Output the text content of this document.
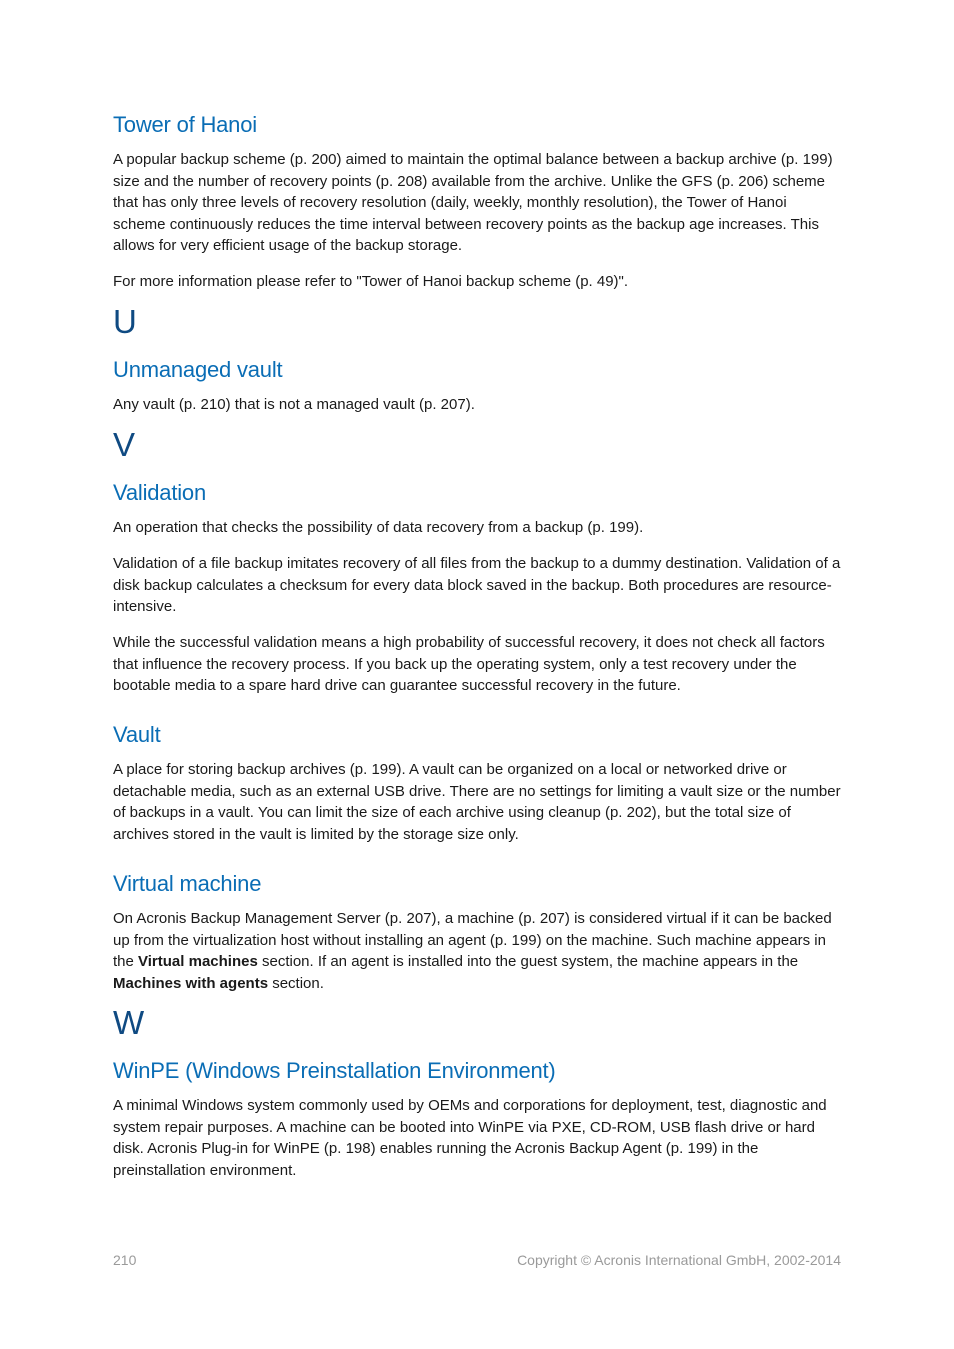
Tower of Hanoi

A popular backup scheme (p. 200) aimed to maintain the optimal balance between a backup archive (p. 199) size and the number of recovery points (p. 208) available from the archive. Unlike the GFS (p. 206) scheme that has only three levels of recovery resolution (daily, weekly, monthly resolution), the Tower of Hanoi scheme continuously reduces the time interval between recovery points as the backup age increases. This allows for very efficient usage of the backup storage.

For more information please refer to "Tower of Hanoi backup scheme (p. 49)".

U
Unmanaged vault

Any vault (p. 210) that is not a managed vault (p. 207).

V
Validation

An operation that checks the possibility of data recovery from a backup (p. 199).

Validation of a file backup imitates recovery of all files from the backup to a dummy destination. Validation of a disk backup calculates a checksum for every data block saved in the backup. Both procedures are resource-intensive.

While the successful validation means a high probability of successful recovery, it does not check all factors that influence the recovery process. If you back up the operating system, only a test recovery under the bootable media to a spare hard drive can guarantee successful recovery in the future.

Vault

A place for storing backup archives (p. 199). A vault can be organized on a local or networked drive or detachable media, such as an external USB drive. There are no settings for limiting a vault size or the number of backups in a vault. You can limit the size of each archive using cleanup (p. 202), but the total size of archives stored in the vault is limited by the storage size only.

Virtual machine

On Acronis Backup Management Server (p. 207), a machine (p. 207) is considered virtual if it can be backed up from the virtualization host without installing an agent (p. 199) on the machine. Such machine appears in the Virtual machines section. If an agent is installed into the guest system, the machine appears in the Machines with agents section.

W
WinPE (Windows Preinstallation Environment)

A minimal Windows system commonly used by OEMs and corporations for deployment, test, diagnostic and system repair purposes. A machine can be booted into WinPE via PXE, CD-ROM, USB flash drive or hard disk. Acronis Plug-in for WinPE (p. 198) enables running the Acronis Backup Agent (p. 199) in the preinstallation environment.

210	Copyright © Acronis International GmbH, 2002-2014
